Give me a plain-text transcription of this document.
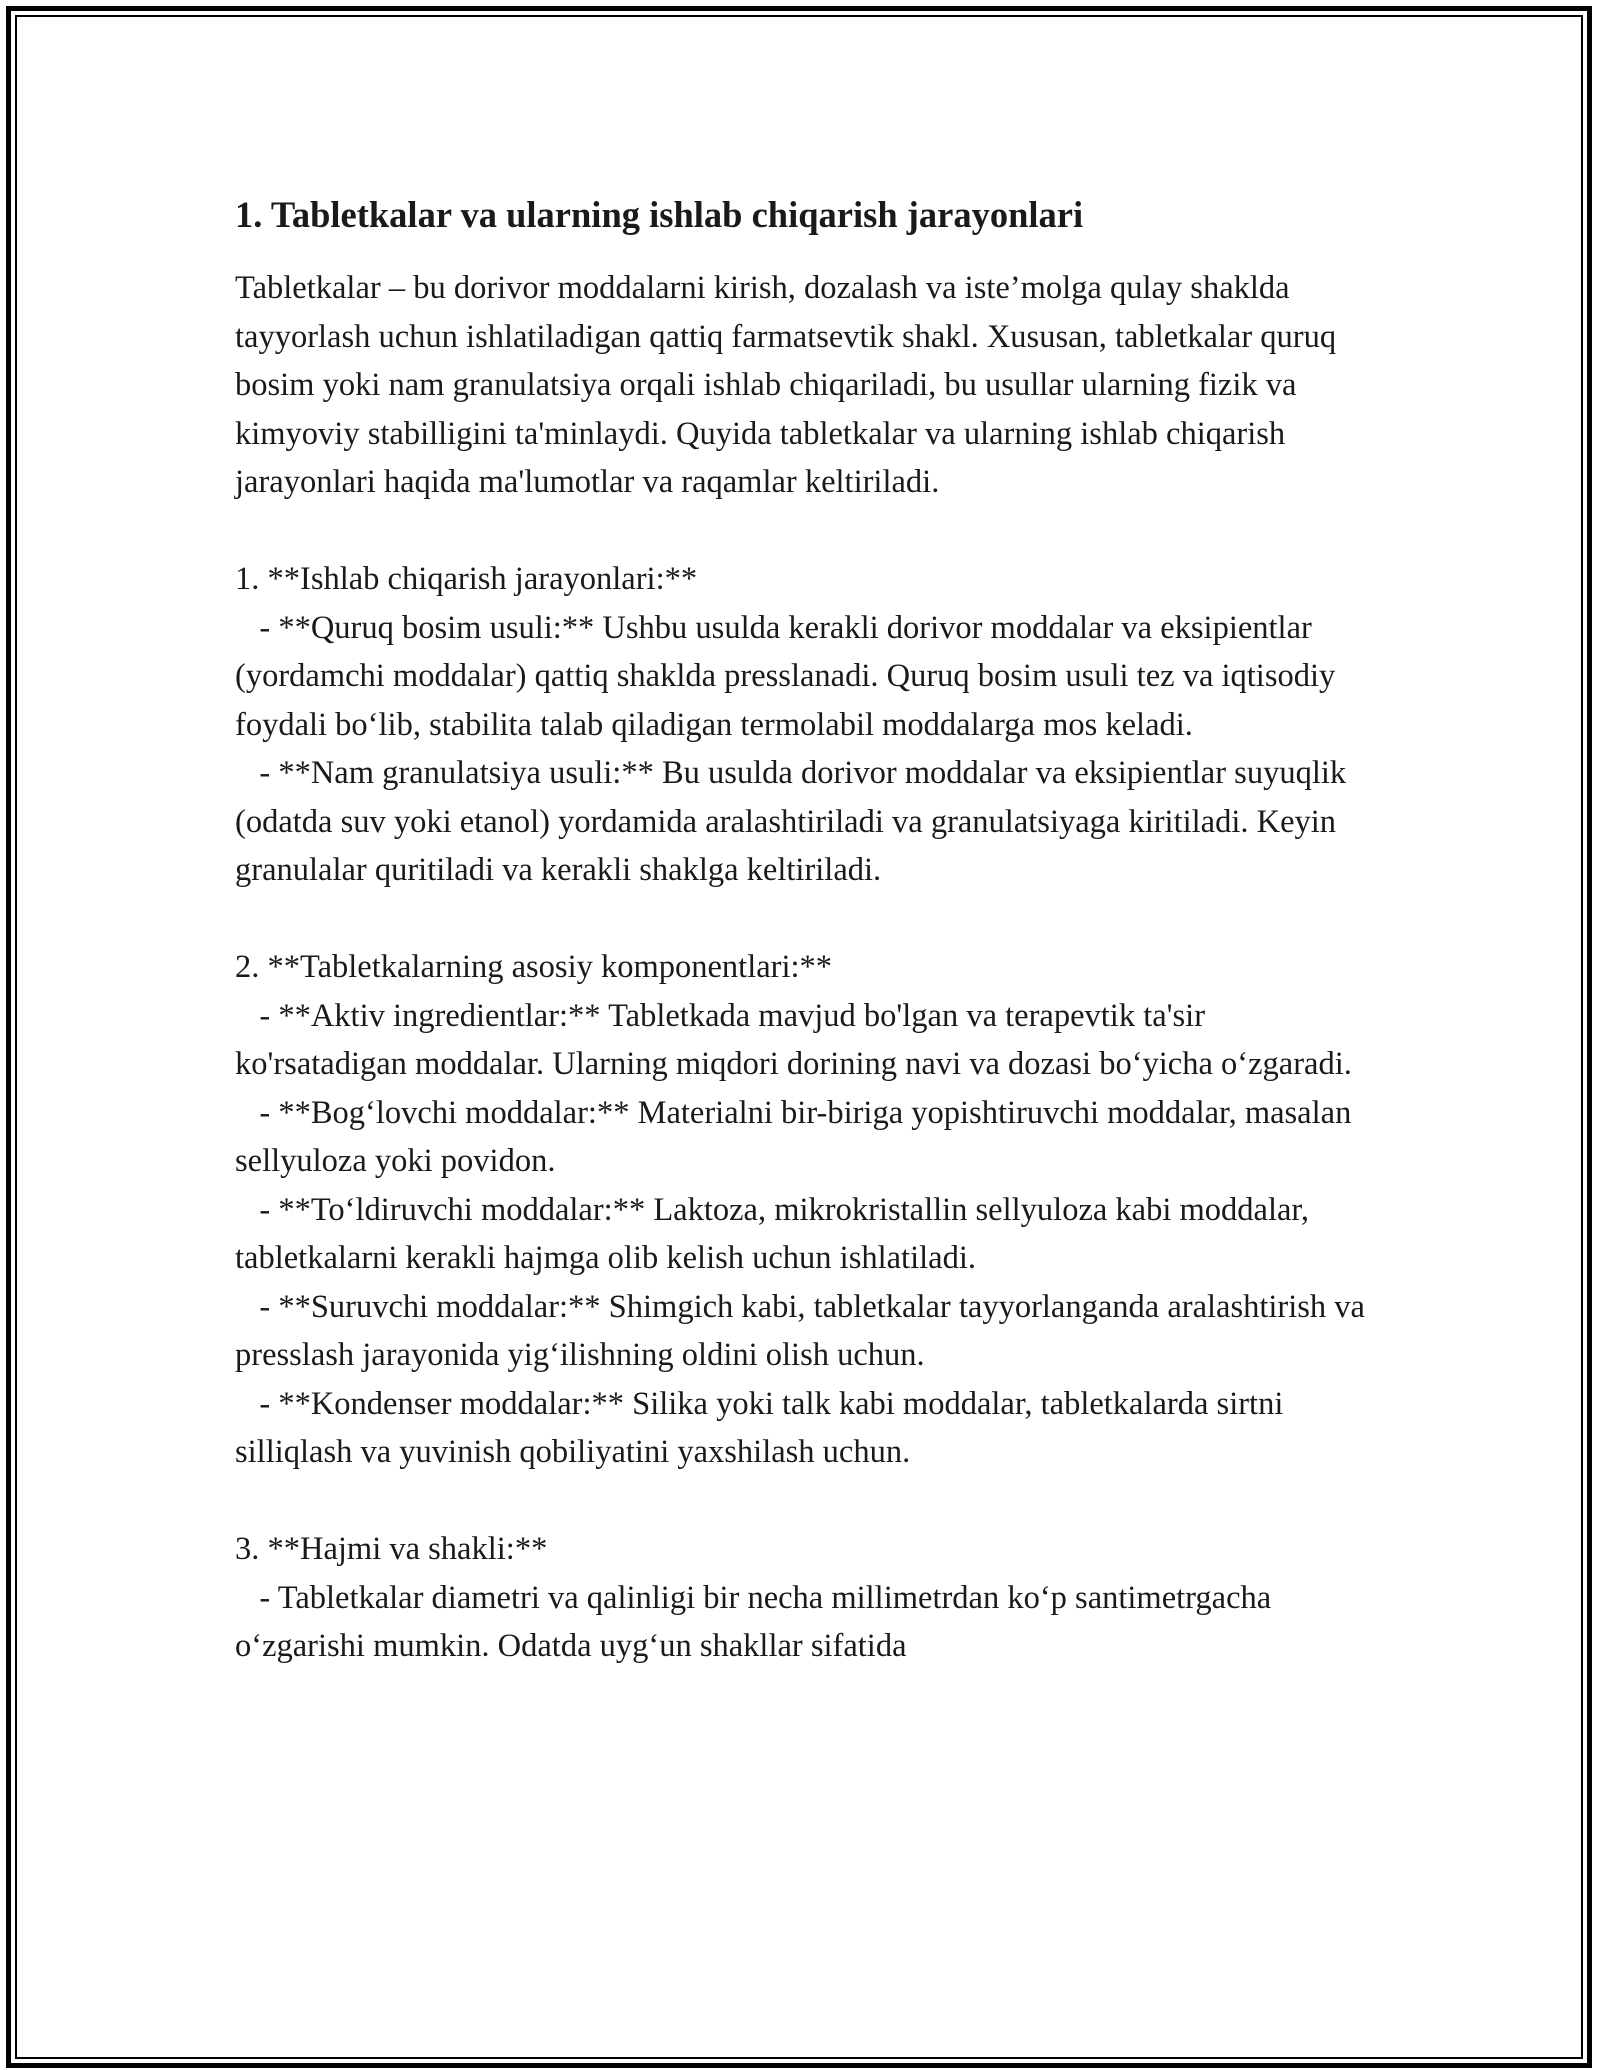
1. Tabletkalar va ularning ishlab chiqarish jarayonlari

Tabletkalar – bu dorivor moddalarni kirish, dozalash va iste’molga qulay shaklda tayyorlash uchun ishlatiladigan qattiq farmatsevtik shakl. Xususan, tabletkalar quruq bosim yoki nam granulatsiya orqali ishlab chiqariladi, bu usullar ularning fizik va kimyoviy stabilligini ta'minlaydi. Quyida tabletkalar va ularning ishlab chiqarish jarayonlari haqida ma'lumotlar va raqamlar keltiriladi.

1. **Ishlab chiqarish jarayonlari:**

- **Quruq bosim usuli:** Ushbu usulda kerakli dorivor moddalar va eksipientlar (yordamchi moddalar) qattiq shaklda presslanadi. Quruq bosim usuli tez va iqtisodiy foydali bo‘lib, stabilita talab qiladigan termolabil moddalarga mos keladi.

- **Nam granulatsiya usuli:** Bu usulda dorivor moddalar va eksipientlar suyuqlik (odatda suv yoki etanol) yordamida aralashtiriladi va granulatsiyaga kiritiladi. Keyin granulalar quritiladi va kerakli shaklga keltiriladi.

2. **Tabletkalarning asosiy komponentlari:**

- **Aktiv ingredientlar:** Tabletkada mavjud bo'lgan va terapevtik ta'sir ko'rsatadigan moddalar. Ularning miqdori dorining navi va dozasi bo‘yicha o‘zgaradi.

- **Bog‘lovchi moddalar:** Materialni bir-biriga yopishtiruvchi moddalar, masalan sellyuloza yoki povidon.

- **To‘ldiruvchi moddalar:** Laktoza, mikrokristallin sellyuloza kabi moddalar, tabletkalarni kerakli hajmga olib kelish uchun ishlatiladi.

- **Suruvchi moddalar:** Shimgich kabi, tabletkalar tayyorlanganda aralashtirish va presslash jarayonida yig‘ilishning oldini olish uchun.

- **Kondenser moddalar:** Silika yoki talk kabi moddalar, tabletkalarda sirtni silliqlash va yuvinish qobiliyatini yaxshilash uchun.

3. **Hajmi va shakli:**

- Tabletkalar diametri va qalinligi bir necha millimetrdan ko‘p santimetrgacha o‘zgarishi mumkin. Odatda uyg‘un shakllar sifatida
